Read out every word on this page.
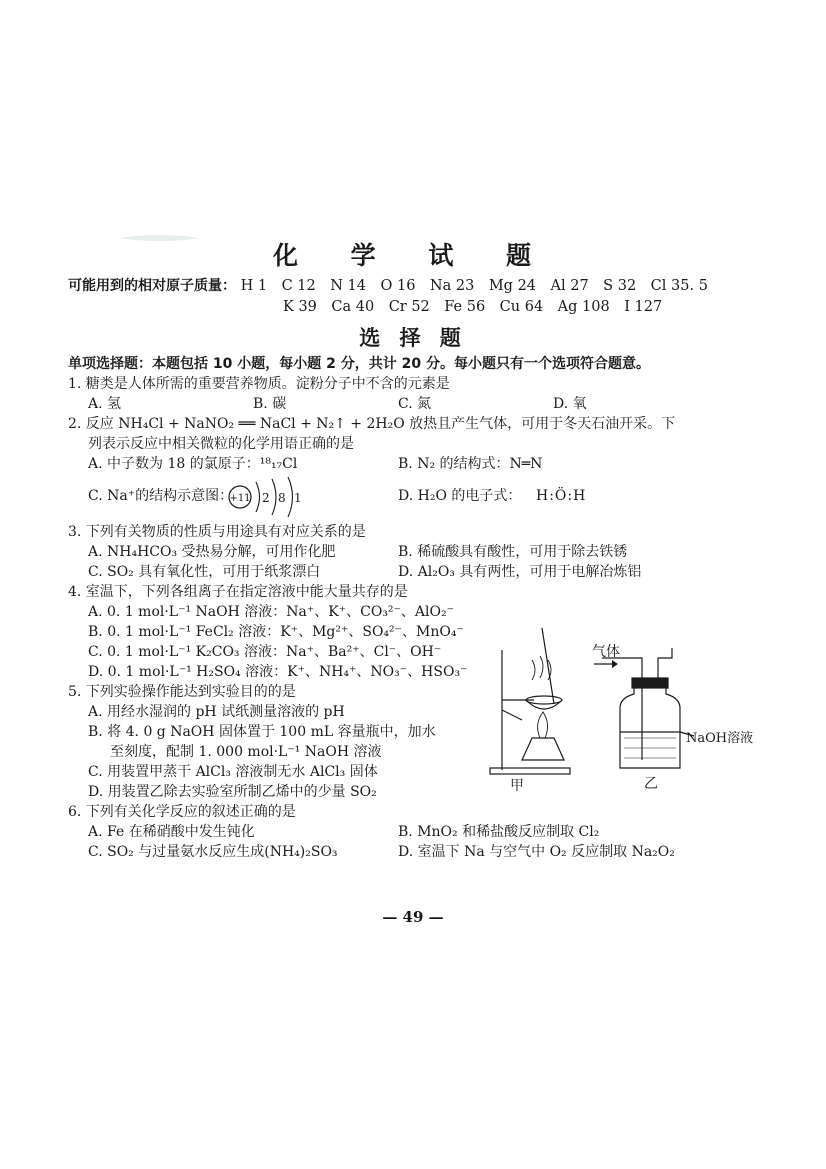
化 学 试 题
可能用到的相对原子质量： H 1　C 12　N 14　O 16　Na 23　Mg 24　Al 27　S 32　Cl 35. 5
K 39　Ca 40　Cr 52　Fe 56　Cu 64　Ag 108　I 127
选 择 题
单项选择题：本题包括 10 小题，每小题 2 分，共计 20 分。每小题只有一个选项符合题意。
1. 糖类是人体所需的重要营养物质。淀粉分子中不含的元素是
A. 氢	B. 碳	C. 氮	D. 氧
2. 反应 NH₄Cl + NaNO₂ ══ NaCl + N₂↑ + 2H₂O 放热且产生气体，可用于冬天石油开采。下
列表示反应中相关微粒的化学用语正确的是
A. 中子数为 18 的氯原子：¹⁸₁₇Cl	B. N₂ 的结构式：N═N
C. Na⁺的结构示意图：
+11 2 8 1	D. H₂O 的电子式： H:Ö:H
3. 下列有关物质的性质与用途具有对应关系的是
A. NH₄HCO₃ 受热易分解，可用作化肥	B. 稀硫酸具有酸性，可用于除去铁锈
C. SO₂ 具有氧化性，可用于纸浆漂白	D. Al₂O₃ 具有两性，可用于电解冶炼铝
4. 室温下，下列各组离子在指定溶液中能大量共存的是
A. 0. 1 mol·L⁻¹ NaOH 溶液：Na⁺、K⁺、CO₃²⁻、AlO₂⁻
B. 0. 1 mol·L⁻¹ FeCl₂ 溶液：K⁺、Mg²⁺、SO₄²⁻、MnO₄⁻
C. 0. 1 mol·L⁻¹ K₂CO₃ 溶液：Na⁺、Ba²⁺、Cl⁻、OH⁻
D. 0. 1 mol·L⁻¹ H₂SO₄ 溶液：K⁺、NH₄⁺、NO₃⁻、HSO₃⁻
5. 下列实验操作能达到实验目的的是
A. 用经水湿润的 pH 试纸测量溶液的 pH
B. 将 4. 0 g NaOH 固体置于 100 mL 容量瓶中，加水
至刻度，配制 1. 000 mol·L⁻¹ NaOH 溶液
C. 用装置甲蒸干 AlCl₃ 溶液制无水 AlCl₃ 固体
D. 用装置乙除去实验室所制乙烯中的少量 SO₂
6. 下列有关化学反应的叙述正确的是
A. Fe 在稀硝酸中发生钝化	B. MnO₂ 和稀盐酸反应制取 Cl₂
C. SO₂ 与过量氨水反应生成(NH₄)₂SO₃	D. 室温下 Na 与空气中 O₂ 反应制取 Na₂O₂
甲
气体
NaOH溶液
乙
— 49 —
